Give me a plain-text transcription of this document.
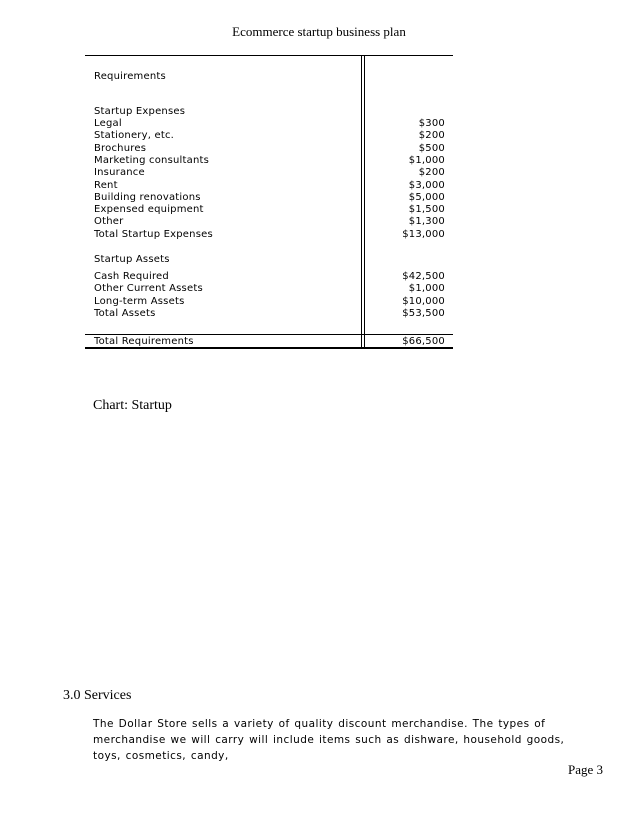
Ecommerce startup business plan
Requirements
Startup Expenses
Legal	$300
Stationery, etc.	$200
Brochures	$500
Marketing consultants	$1,000
Insurance	$200
Rent	$3,000
Building renovations	$5,000
Expensed equipment	$1,500
Other	$1,300
Total Startup Expenses	$13,000
Startup Assets
Cash Required	$42,500
Other Current Assets	$1,000
Long-term Assets	$10,000
Total Assets	$53,500
Total Requirements	$66,500
Chart: Startup
3.0 Services
The Dollar Store sells a variety of quality discount merchandise. The types of merchandise we will carry will include items such as dishware, household goods, toys, cosmetics, candy,
Page 3
